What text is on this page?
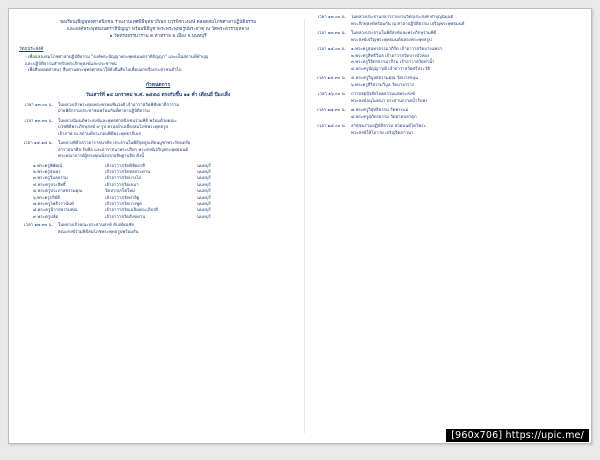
ขอเรียนเชิญพุทธศาสนิกชน ร่วมงานเทศพิธีพุทธาภิเษก บวรพิชวะพงษ์ ตลอดสมโภชศาลาปฏิบัติธรรม
และองค์พระพุทธมนตราหิปัญญา พร้อมพิธีบูชาพระพระพุทธรูปพระธาตุ ณ วัดพระอารามหลวง
๑ วัดทรงธรรมาราม ต.ท่าทราย อ.เมือง จ.นนทบุรี
วัตถุประสงค์
- เพื่อฉลองสมโภชศาลาปฏิบัติธรรม "องค์พระปัญญาพระพุทธมนตราหิปัญญา" และเป็นสถานที่ทำบุญ
และปฏิบัติธรรมสำหรับพระภิกษุสงฆ์และประชาชน
- เพื่อสืบทอดศาสนา สืบสานพระพุทธศาสนาให้ยั่งยืนสืบไปเพื่อบอกหรือประชาชนทั่วไป
กำหนดการ
วันเสาร์ที่ ๑๔ มกราคม พ.ศ. ๒๕๕๘ ตรงกับขึ้น ๑๑ ค่ำ เดือนยี่ ปีมะเส็ง
เวลา ๑๓.๐๐ น.	ในหลวงเจ้าพระคุณพระพรหมชินวงศ์ เจ้าอาวาสวัดพิชัยยาติการาม
ฝ่ายพิธีกรรมประชาชนพร้อมกันที่ศาลาปฏิบัติธรรม
เวลา ๑๓.๓๐ น.	ในหลวงนิมนต์พระสงฆ์และพุทธศาสนิกชนร่วมพิธี พร้อมด้วยคณะ
บวชพิธีพระภิกษุสงฆ์ ๙ รูป ครองผ้าเหลืองสมโภชพระพุทธรูป
เจ้าภาพ ณ สถานที่ประกอบพิธีพระพุทธาภิเษก
เวลา ๑๔.๑๕ น.	ในหลวงพิธีกล่าวอาราธนาศีล ประธานในพิธีจุดธูปเทียนบูชาพระรัตนตรัย
อาราธนาศีล รับศีล และอาราธนาพระปริตร พระสงฆ์เจริญพระพุทธมนต์
พระคณาจารย์ผู้ทรงคุณนั่งปรกอธิษฐานจิต ดังนี้
๑.พระครูพิพัฒน์	เจ้าอาวาสวัดพิชัยยาติ	นนทบุรี
๒.พระครูสุนทร	เจ้าอาวาสวัดชลประทาน	นนทบุรี
๓.พระครูวิมลธรรม	เจ้าอาวาสวัดบางไผ่	นนทบุรี
๔.พระครูประสิทธิ์	เจ้าอาวาสวัดเขมา	นนทบุรี
๕.พระครูประภาสธรรมคุณ	วัดปากเกร็ดใหม่	นนทบุรี
๖.พระครูปริยัติ	เจ้าอาวาสวัดท่าอิฐ	นนทบุรี
๗.พระครูโพธิวรานันท์	เจ้าอาวาสวัดบางพูด	นนทบุรี
๘.พระครูนิวาสธรรมคุณ	เจ้าอาวาสวัดเฉลิมพระเกียรติ	นนทบุรี
๙.พระครูปลัด	เจ้าอาวาสวัดสังฆทาน	นนทบุรี
เวลา ๑๗.๓๐ น.	ในหลวงเจ้าคณะประธานสงฆ์ ดับเทียนชัย
คณะสงฆ์ร่วมพิธีสมโภชพระพุทธรูปพร้อมกัน
เวลา ๑๓.๐๐ น.	ในหลวงประธานกล่าวรายงานวัตถุประสงค์ ทำบุญนิมนต์
พระภิกษุสงฆ์พร้อมกัน ณ ศาลาปฏิบัติธรรม เจริญพระพุทธมนต์
เวลา ๑๓.๓๐ น.	ในหลวงประธานในพิธีสงฆ์และพระภิกษุร่วมพิธี
พระสงฆ์เจริญพระพุทธมนต์ฉลองพระพุทธรูป
เวลา ๑๔.๐๐ น.	๑.พระครูสุนทรธรรมาภิรัต เจ้าอาวาสวัดบางแพรก
๒.พระครูสิทธิวิมล เจ้าอาวาสวัดบางบัวทอง
๓.พระครูวิจิตรธรรมาภิรม เจ้าอาวาสวัดท่าน้ำ
๔.พระครูปัญญาวุฒิ เจ้าอาวาสวัดศรีประวัติ
เวลา ๑๕.๓๐ น.	๕.พระครูวิบูลย์ธรรมคุณ วัดบางขนุน
๖.พระครูสิริธรรมวิบูล วัดบางกร่าง
เวลา ๑๖.๐๐ น.	ถวายจตุปัจจัยไทยธรรมแด่พระสงฆ์
พระสงฆ์อนุโมทนา ประธานกรวดน้ำรับพร
เวลา ๑๗.๓๐ น.	๗.พระครูวิสุทธิธรรม วัดพระแม่
๘.พระครูสุภัทรธรรม วัดลาดปลาดุก
เวลา ๑๘.๐๐ น.	สาธุชนร่วมปฏิบัติธรรม สวดมนต์ไหว้พระ
พระสงฆ์ให้โอวาท เจริญจิตภาวนา
[960x706] https://upic.me/
